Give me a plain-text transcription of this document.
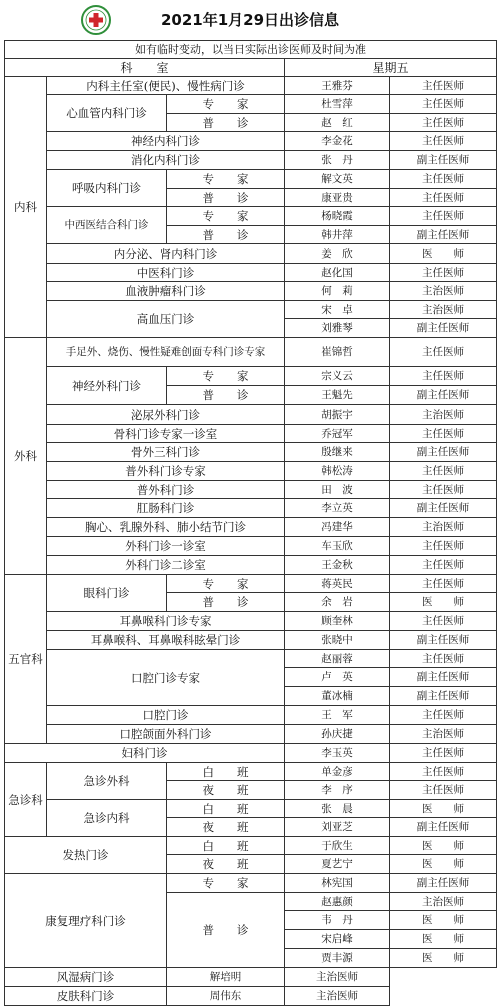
2021年1月29日出诊信息
如有临时变动，以当日实际出诊医师及时间为准				
科　　室			星期五	
内科	内科主任室(便民)、慢性病门诊		王雅芬	主任医师
	心血管内科门诊	专　　家	杜雪萍	主任医师
		普　　诊	赵　红	主任医师
	神经内科门诊		李金花	主任医师
	消化内科门诊		张　丹	副主任医师
	呼吸内科门诊	专　　家	解文英	主任医师
		普　　诊	康亚贵	主任医师
	中西医结合科门诊	专　　家	杨晓霞	主任医师
		普　　诊	韩井萍	副主任医师
	内分泌、肾内科门诊		姜　欣	医　　师
	中医科门诊		赵化国	主任医师
	血液肿瘤科门诊		何　莉	主治医师
	高血压门诊		宋　卓	主治医师
			刘雅琴	副主任医师
外科	手足外、烧伤、慢性疑难创面专科门诊专家		崔锦哲	主任医师
	神经外科门诊	专　　家	宗义云	主任医师
		普　　诊	王魁先	副主任医师
	泌尿外科门诊		胡振宇	主治医师
	骨科门诊专家一诊室		乔冠军	主任医师
	骨外三科门诊		殷继来	副主任医师
	普外科门诊专家		韩松涛	主任医师
	普外科门诊		田　波	主任医师
	肛肠科门诊		李立英	副主任医师
	胸心、乳腺外科、肺小结节门诊		冯建华	主治医师
	外科门诊一诊室		车玉欣	主任医师
	外科门诊二诊室		王金秋	主任医师
五官科	眼科门诊	专　　家	蒋英民	主任医师
		普　　诊	余　岩	医　　师
	耳鼻喉科门诊专家		顾奎林	主任医师
	耳鼻喉科、耳鼻喉科眩晕门诊		张晓中	副主任医师
	口腔门诊专家		赵丽蓉	主任医师
			卢　英	副主任医师
			董冰楠	副主任医师
	口腔门诊		王　军	主任医师
	口腔颌面外科门诊		孙庆捷	主治医师
妇科门诊			李玉英	主任医师
急诊科	急诊外科	白　　班	单金彦	主任医师
		夜　　班	李　序	主任医师
	急诊内科	白　　班	张　晨	医　　师
		夜　　班	刘亚芝	副主任医师
发热门诊		白　　班	于欣生	医　　师
		夜　　班	夏艺宁	医　　师
康复理疗科门诊		专　　家	林宪国	副主任医师
		普　　诊	赵惠颜	主治医师
			韦　丹	医　　师
			宋启峰	医　　师
			贾丰源	医　　师
风湿病门诊		解培明	主治医师	
皮肤科门诊		周伟东	主治医师	
